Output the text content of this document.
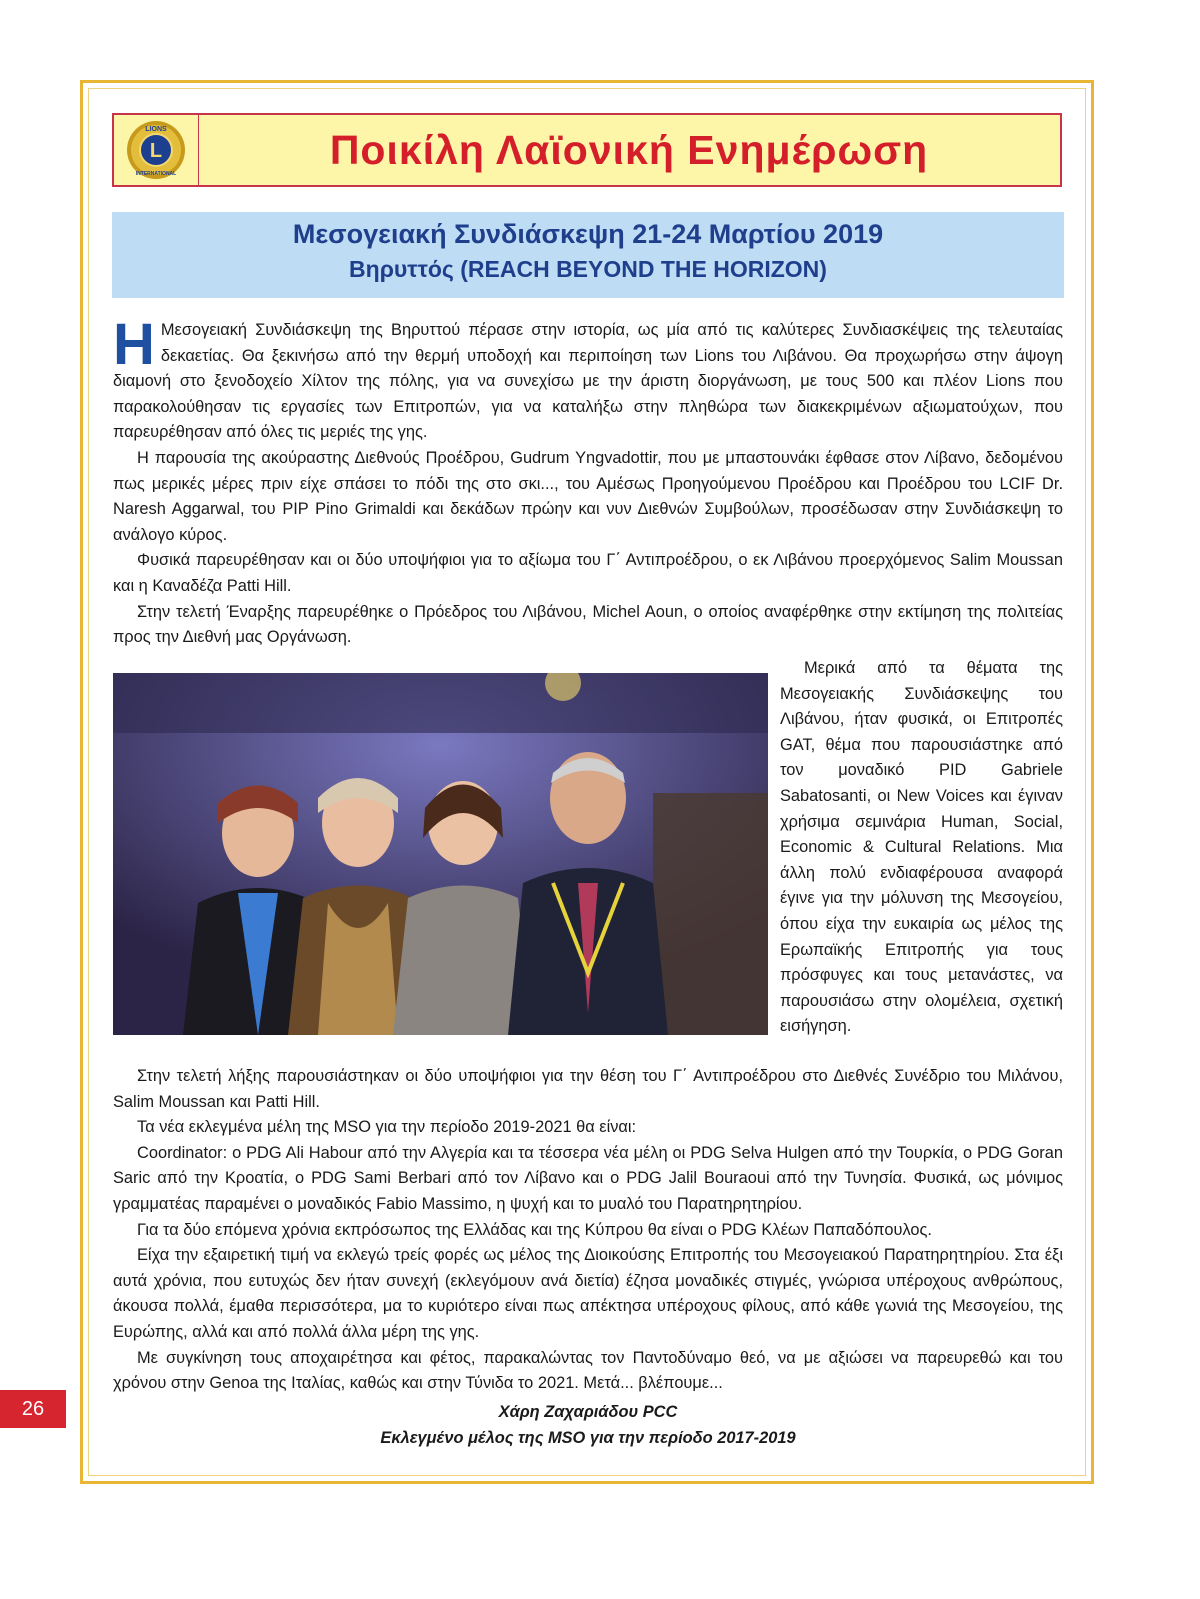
L
LIONS
INTERNATIONAL
Ποικίλη Λαϊονική Ενημέρωση
Μεσογειακή Συνδιάσκεψη 21-24 Μαρτίου 2019
Βηρυττός (REACH BEYOND THE HORIZON)

Η Μεσογειακή Συνδιάσκεψη της Βηρυττού πέρασε στην ιστορία, ως μία από τις καλύτερες Συνδιασκέψεις της τελευταίας δεκαετίας. Θα ξεκινήσω από την θερμή υποδοχή και περιποίηση των Lions του Λιβάνου. Θα προχωρήσω στην άψογη διαμονή στο ξενοδοχείο Χίλτον της πόλης, για να συνεχίσω με την άριστη διοργάνωση, με τους 500 και πλέον Lions που παρακολούθησαν τις εργασίες των Επιτροπών, για να καταλήξω στην πληθώρα των διακεκριμένων αξιωματούχων, που παρευρέθησαν από όλες τις μεριές της γης.

Η παρουσία της ακούραστης Διεθνούς Προέδρου, Gudrum Yngvadottir, που με μπαστουνάκι έφθασε στον Λίβανο, δεδομένου πως μερικές μέρες πριν είχε σπάσει το πόδι της στο σκι..., του Αμέσως Προηγούμενου Προέδρου και Προέδρου του LCIF Dr. Naresh Aggarwal, του PIP Pino Grimaldi και δεκάδων πρώην και νυν Διεθνών Συμβούλων, προσέδωσαν στην Συνδιάσκεψη το ανάλογο κύρος.

Φυσικά παρευρέθησαν και οι δύο υποψήφιοι για το αξίωμα του Γ΄ Αντιπροέδρου, ο εκ Λιβάνου προερχόμενος Salim Moussan και η Καναδέζα Patti Hill.

Στην τελετή Έναρξης παρευρέθηκε ο Πρόεδρος του Λιβάνου, Michel Aoun, ο οποίος αναφέρθηκε στην εκτίμηση της πολιτείας προς την Διεθνή μας Οργάνωση.

Μερικά από τα θέματα της Μεσογειακής Συνδιάσκεψης του Λιβάνου, ήταν φυσικά, οι Επιτροπές GAT, θέμα που παρουσιάστηκε από τον μοναδικό PID Gabriele Sabatosanti, οι New Voices και έγιναν χρήσιμα σεμινάρια Human, Social, Economic & Cultural Relations. Μια άλλη πολύ ενδιαφέρουσα αναφορά έγινε για την μόλυνση της Μεσογείου, όπου είχα την ευκαιρία ως μέλος της Ερωπαϊκής Επιτροπής για τους πρόσφυγες και τους μετανάστες, να παρουσιάσω στην ολομέλεια, σχετική εισήγηση.

Στην τελετή λήξης παρουσιάστηκαν οι δύο υποψήφιοι για την θέση του Γ΄ Αντιπροέδρου στο Διεθνές Συνέδριο του Μιλάνου, Salim Moussan και Patti Hill.

Τα νέα εκλεγμένα μέλη της MSO για την περίοδο 2019-2021 θα είναι:

Coordinator: ο PDG Ali Habour από την Αλγερία και τα τέσσερα νέα μέλη οι PDG Selva Hulgen από την Τουρκία, ο PDG Goran Saric από την Κροατία, ο PDG Sami Berbari από τον Λίβανο και ο PDG Jalil Bouraoui από την Τυνησία. Φυσικά, ως μόνιμος γραμματέας παραμένει ο μοναδικός Fabio Massimo, η ψυχή και το μυαλό του Παρατηρητηρίου.

Για τα δύο επόμενα χρόνια εκπρόσωπος της Ελλάδας και της Κύπρου θα είναι ο PDG Κλέων Παπαδόπουλος.

Είχα την εξαιρετική τιμή να εκλεγώ τρείς φορές ως μέλος της Διοικούσης Επιτροπής του Μεσογειακού Παρατηρητηρίου. Στα έξι αυτά χρόνια, που ευτυχώς δεν ήταν συνεχή (εκλεγόμουν ανά διετία) έζησα μοναδικές στιγμές, γνώρισα υπέροχους ανθρώπους, άκουσα πολλά, έμαθα περισσότερα, μα το κυριότερο είναι πως απέκτησα υπέροχους φίλους, από κάθε γωνιά της Μεσογείου, της Ευρώπης, αλλά και από πολλά άλλα μέρη της γης.

Με συγκίνηση τους αποχαιρέτησα και φέτος, παρακαλώντας τον Παντοδύναμο θεό, να με αξιώσει να παρευρεθώ και του χρόνου στην Genoa της Ιταλίας, καθώς και στην Τύνιδα το 2021. Μετά... βλέπουμε...

Χάρη Ζαχαριάδου PCC
Εκλεγμένο μέλος της MSO για την περίοδο 2017-2019
26
